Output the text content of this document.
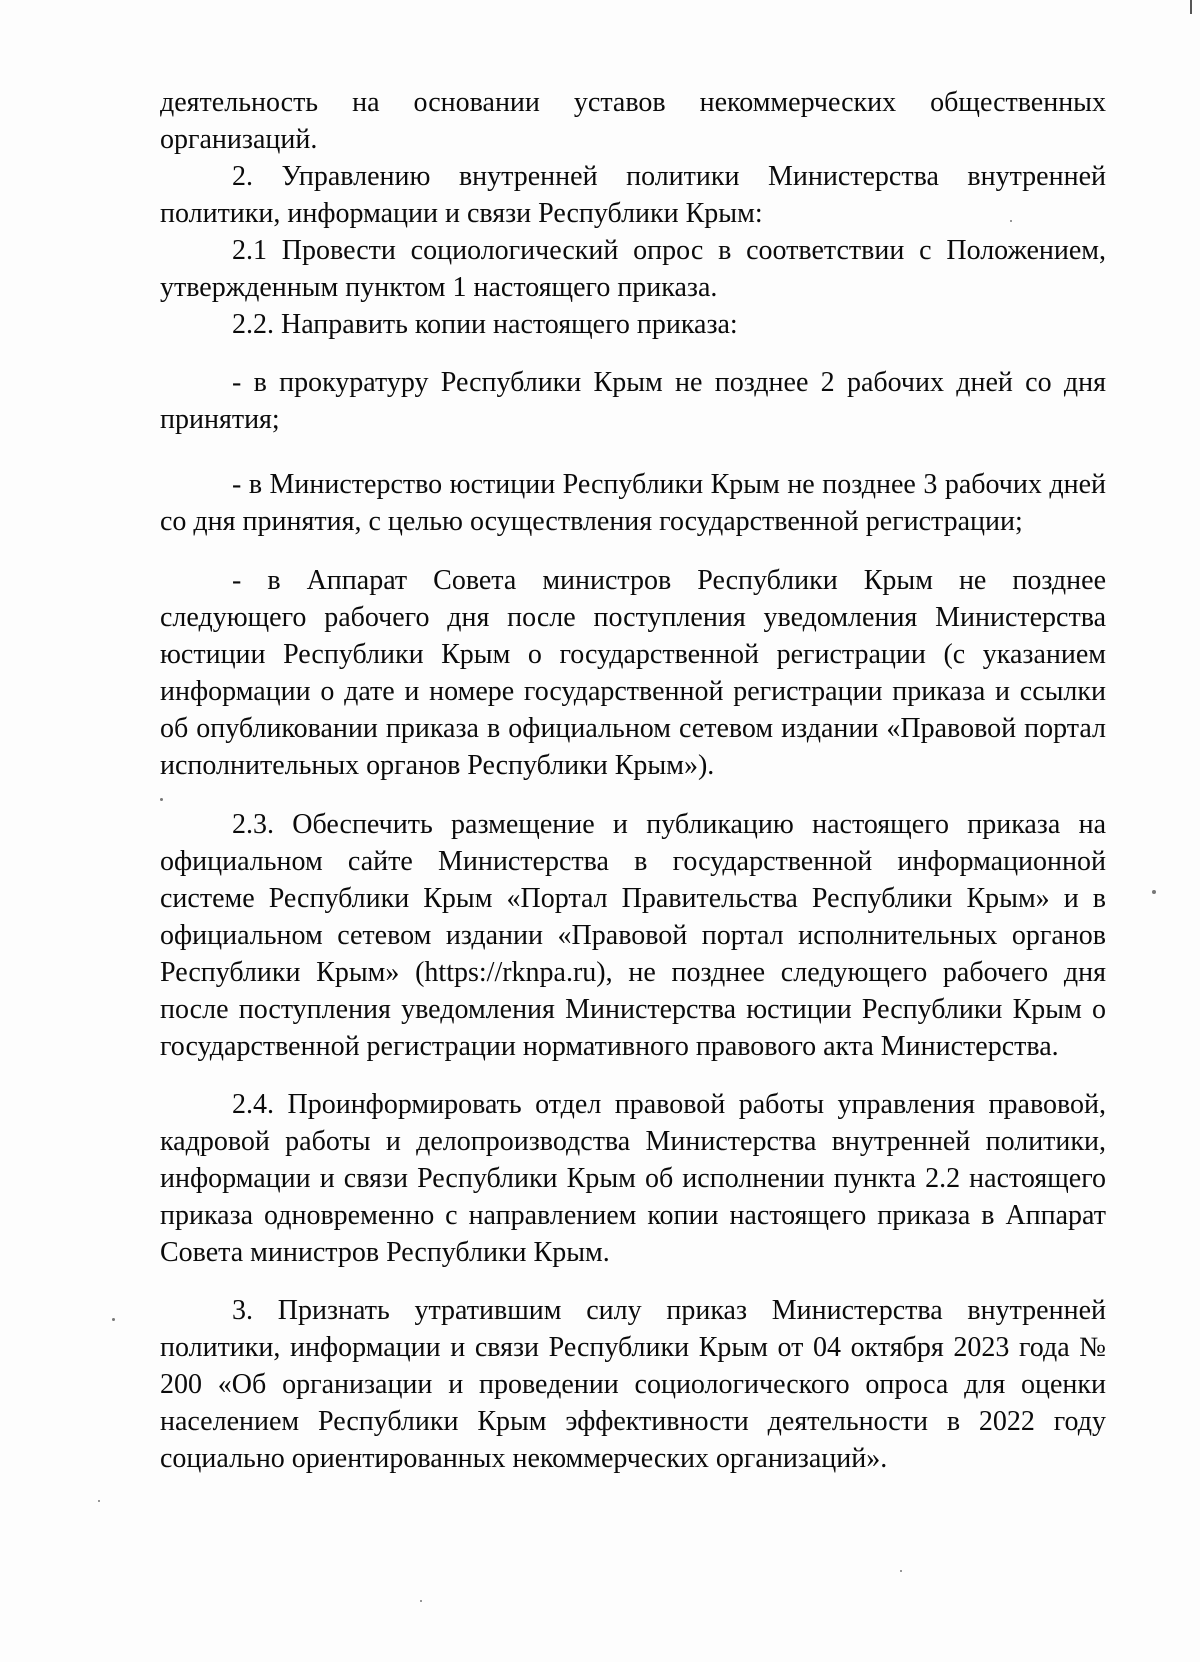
деятельность на основании уставов некоммерческих общественных организаций.

2. Управлению внутренней политики Министерства внутренней политики, информации и связи Республики Крым:

2.1 Провести социологический опрос в соответствии с Положением, утвержденным пунктом 1 настоящего приказа.

2.2. Направить копии настоящего приказа:

- в прокуратуру Республики Крым не позднее 2 рабочих дней со дня принятия;

- в Министерство юстиции Республики Крым не позднее 3 рабочих дней со дня принятия, с целью осуществления государственной регистрации;

- в Аппарат Совета министров Республики Крым не позднее следующего рабочего дня после поступления уведомления Министерства юстиции Республики Крым о государственной регистрации (с указанием информации о дате и номере государственной регистрации приказа и ссылки об опубликовании приказа в официальном сетевом издании «Правовой портал исполнительных органов Республики Крым»).

2.3. Обеспечить размещение и публикацию настоящего приказа на официальном сайте Министерства в государственной информационной системе Республики Крым «Портал Правительства Республики Крым» и в официальном сетевом издании «Правовой портал исполнительных органов Республики Крым» (https://rknpa.ru), не позднее следующего рабочего дня после поступления уведомления Министерства юстиции Республики Крым о государственной регистрации нормативного правового акта Министерства.

2.4. Проинформировать отдел правовой работы управления правовой, кадровой работы и делопроизводства Министерства внутренней политики, информации и связи Республики Крым об исполнении пункта 2.2 настоящего приказа одновременно с направлением копии настоящего приказа в Аппарат Совета министров Республики Крым.

3. Признать утратившим силу приказ Министерства внутренней политики, информации и связи Республики Крым от 04 октября 2023 года № 200 «Об организации и проведении социологического опроса для оценки населением Республики Крым эффективности деятельности в 2022 году социально ориентированных некоммерческих организаций».
